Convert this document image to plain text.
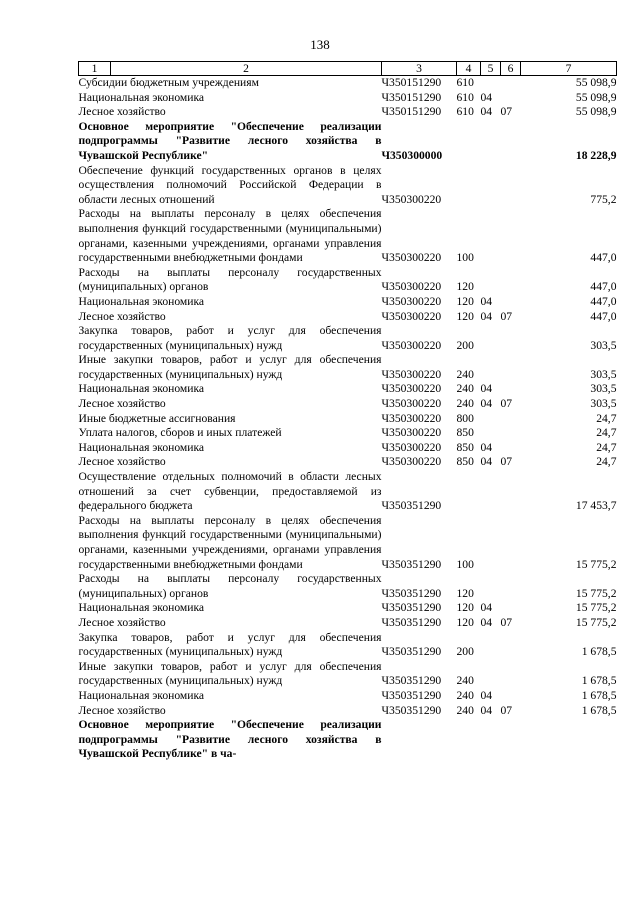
138
1	2	3	4	5	6	7
Субсидии бюджетным учреждениям		Ч350151290	610			55 098,9
Национальная экономика		Ч350151290	610	04		55 098,9
Лесное хозяйство		Ч350151290	610	04	07	55 098,9
Основное мероприятие "Обеспечение реализации подпрограммы "Развитие лесного хозяйства в Чувашской Республике"		Ч350300000				18 228,9
Обеспечение функций государственных органов в целях осуществления полномочий Российской Федерации в области лесных отношений		Ч350300220				775,2
Расходы на выплаты персоналу в целях обеспечения выполнения функций государственными (муниципальными) органами, казенными учреждениями, органами управления государственными внебюджетными фондами		Ч350300220	100			447,0
Расходы на выплаты персоналу государственных (муниципальных) органов		Ч350300220	120			447,0
Национальная экономика		Ч350300220	120	04		447,0
Лесное хозяйство		Ч350300220	120	04	07	447,0
Закупка товаров, работ и услуг для обеспечения государственных (муниципальных) нужд		Ч350300220	200			303,5
Иные закупки товаров, работ и услуг для обеспечения государственных (муниципальных) нужд		Ч350300220	240			303,5
Национальная экономика		Ч350300220	240	04		303,5
Лесное хозяйство		Ч350300220	240	04	07	303,5
Иные бюджетные ассигнования		Ч350300220	800			24,7
Уплата налогов, сборов и иных платежей		Ч350300220	850			24,7
Национальная экономика		Ч350300220	850	04		24,7
Лесное хозяйство		Ч350300220	850	04	07	24,7
Осуществление отдельных полномочий в области лесных отношений за счет субвенции, предоставляемой из федерального бюджета		Ч350351290				17 453,7
Расходы на выплаты персоналу в целях обеспечения выполнения функций государственными (муниципальными) органами, казенными учреждениями, органами управления государственными внебюджетными фондами		Ч350351290	100			15 775,2
Расходы на выплаты персоналу государственных (муниципальных) органов		Ч350351290	120			15 775,2
Национальная экономика		Ч350351290	120	04		15 775,2
Лесное хозяйство		Ч350351290	120	04	07	15 775,2
Закупка товаров, работ и услуг для обеспечения государственных (муниципальных) нужд		Ч350351290	200			1 678,5
Иные закупки товаров, работ и услуг для обеспечения государственных (муниципальных) нужд		Ч350351290	240			1 678,5
Национальная экономика		Ч350351290	240	04		1 678,5
Лесное хозяйство		Ч350351290	240	04	07	1 678,5
Основное мероприятие "Обеспечение реализации подпрограммы "Развитие лесного хозяйства в Чувашской Республике" в ча-						
